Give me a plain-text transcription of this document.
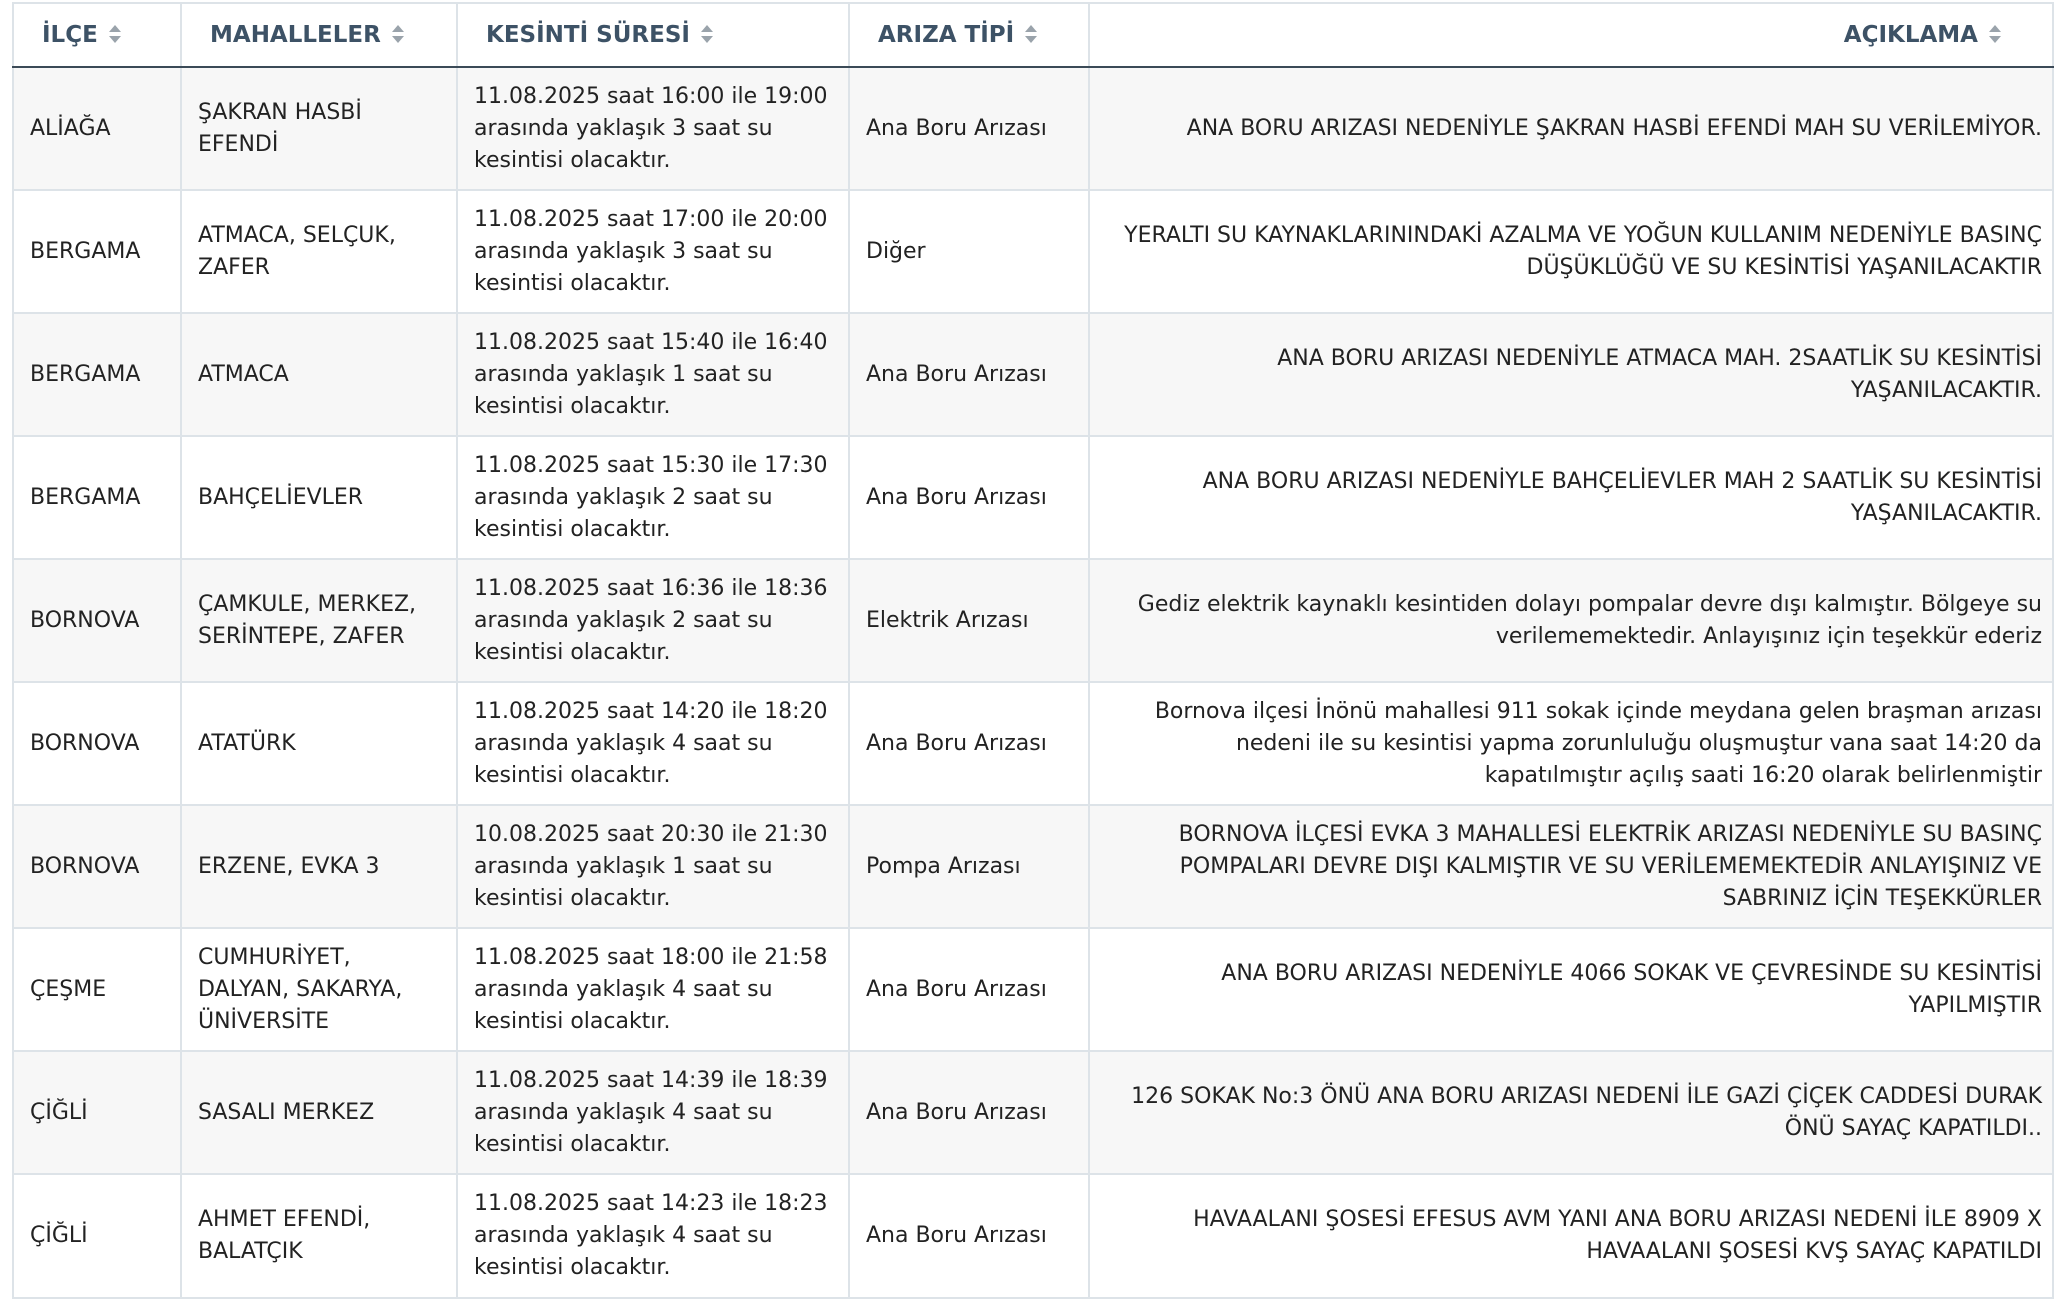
İLÇE	MAHALLELER	KESİNTİ SÜRESİ	ARIZA TİPİ	AÇIKLAMA

ALİAĞA	ŞAKRAN HASBİ EFENDİ	11.08.2025 saat 16:00 ile 19:00 arasında yaklaşık 3 saat su kesintisi olacaktır.	Ana Boru Arızası	ANA BORU ARIZASI NEDENİYLE ŞAKRAN HASBİ EFENDİ MAH SU VERİLEMİYOR.
BERGAMA	ATMACA, SELÇUK, ZAFER	11.08.2025 saat 17:00 ile 20:00 arasında yaklaşık 3 saat su kesintisi olacaktır.	Diğer	YERALTI SU KAYNAKLARININDAKİ AZALMA VE YOĞUN KULLANIM NEDENİYLE BASINÇ DÜŞÜKLÜĞÜ VE SU KESİNTİSİ YAŞANILACAKTIR
BERGAMA	ATMACA	11.08.2025 saat 15:40 ile 16:40 arasında yaklaşık 1 saat su kesintisi olacaktır.	Ana Boru Arızası	ANA BORU ARIZASI NEDENİYLE ATMACA MAH. 2SAATLİK SU KESİNTİSİ YAŞANILACAKTIR.
BERGAMA	BAHÇELİEVLER	11.08.2025 saat 15:30 ile 17:30 arasında yaklaşık 2 saat su kesintisi olacaktır.	Ana Boru Arızası	ANA BORU ARIZASI NEDENİYLE BAHÇELİEVLER MAH 2 SAATLİK SU KESİNTİSİ YAŞANILACAKTIR.
BORNOVA	ÇAMKULE, MERKEZ, SERİNTEPE, ZAFER	11.08.2025 saat 16:36 ile 18:36 arasında yaklaşık 2 saat su kesintisi olacaktır.	Elektrik Arızası	Gediz elektrik kaynaklı kesintiden dolayı pompalar devre dışı kalmıştır. Bölgeye su verilememektedir. Anlayışınız için teşekkür ederiz
BORNOVA	ATATÜRK	11.08.2025 saat 14:20 ile 18:20 arasında yaklaşık 4 saat su kesintisi olacaktır.	Ana Boru Arızası	Bornova ilçesi İnönü mahallesi 911 sokak içinde meydana gelen braşman arızası nedeni ile su kesintisi yapma zorunluluğu oluşmuştur vana saat 14:20 da kapatılmıştır açılış saati 16:20 olarak belirlenmiştir
BORNOVA	ERZENE, EVKA 3	10.08.2025 saat 20:30 ile 21:30 arasında yaklaşık 1 saat su kesintisi olacaktır.	Pompa Arızası	BORNOVA İLÇESİ EVKA 3 MAHALLESİ ELEKTRİK ARIZASI NEDENİYLE SU BASINÇ POMPALARI DEVRE DIŞI KALMIŞTIR VE SU VERİLEMEMEKTEDİR ANLAYIŞINIZ VE SABRINIZ İÇİN TEŞEKKÜRLER
ÇEŞME	CUMHURİYET, DALYAN, SAKARYA, ÜNİVERSİTE	11.08.2025 saat 18:00 ile 21:58 arasında yaklaşık 4 saat su kesintisi olacaktır.	Ana Boru Arızası	ANA BORU ARIZASI NEDENİYLE 4066 SOKAK VE ÇEVRESİNDE SU KESİNTİSİ YAPILMIŞTIR
ÇİĞLİ	SASALI MERKEZ	11.08.2025 saat 14:39 ile 18:39 arasında yaklaşık 4 saat su kesintisi olacaktır.	Ana Boru Arızası	126 SOKAK No:3 ÖNÜ ANA BORU ARIZASI NEDENİ İLE GAZİ ÇİÇEK CADDESİ DURAK ÖNÜ SAYAÇ KAPATILDI..
ÇİĞLİ	AHMET EFENDİ, BALATÇIK	11.08.2025 saat 14:23 ile 18:23 arasında yaklaşık 4 saat su kesintisi olacaktır.	Ana Boru Arızası	HAVAALANI ŞOSESİ EFESUS AVM YANI ANA BORU ARIZASI NEDENİ İLE 8909 X HAVAALANI ŞOSESİ KVŞ SAYAÇ KAPATILDI
